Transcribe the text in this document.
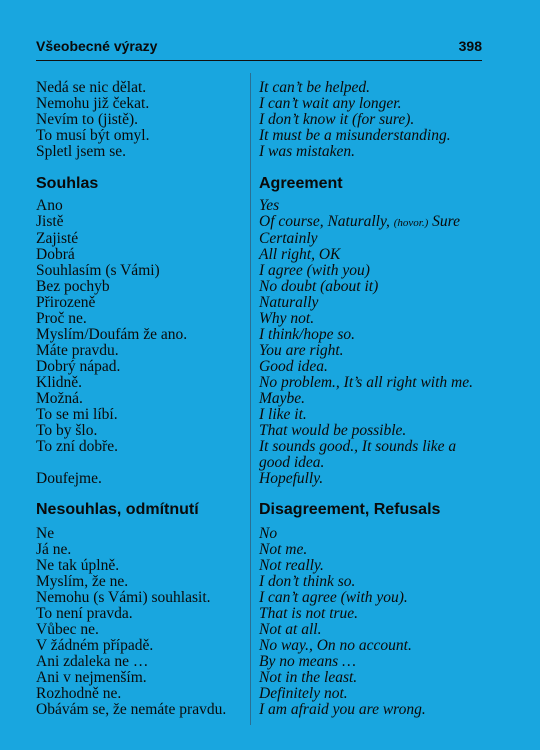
Všeobecné výrazy	398
Nedá se nic dělat.	It can’t be helped.
Nemohu již čekat.	I can’t wait any longer.
Nevím to (jistě).	I don’t know it (for sure).
To musí být omyl.	It must be a misunderstanding.
Spletl jsem se.	I was mistaken.
Souhlas	Agreement
Ano	Yes
Jistě	Of course, Naturally, (hovor.) Sure
Zajisté	Certainly
Dobrá	All right, OK
Souhlasím (s Vámi)	I agree (with you)
Bez pochyb	No doubt (about it)
Přirozeně	Naturally
Proč ne.	Why not.
Myslím/Doufám že ano.	I think/hope so.
Máte pravdu.	You are right.
Dobrý nápad.	Good idea.
Klidně.	No problem., It’s all right with me.
Možná.	Maybe.
To se mi líbí.	I like it.
To by šlo.	That would be possible.
To zní dobře.	It sounds good., It sounds like a good idea.
Doufejme.	Hopefully.
Nesouhlas, odmítnutí	Disagreement, Refusals
Ne	No
Já ne.	Not me.
Ne tak úplně.	Not really.
Myslím, že ne.	I don’t think so.
Nemohu (s Vámi) souhlasit.	I can’t agree (with you).
To není pravda.	That is not true.
Vůbec ne.	Not at all.
V žádném případě.	No way., On no account.
Ani zdaleka ne …	By no means …
Ani v nejmenším.	Not in the least.
Rozhodně ne.	Definitely not.
Obávám se, že nemáte pravdu.	I am afraid you are wrong.
